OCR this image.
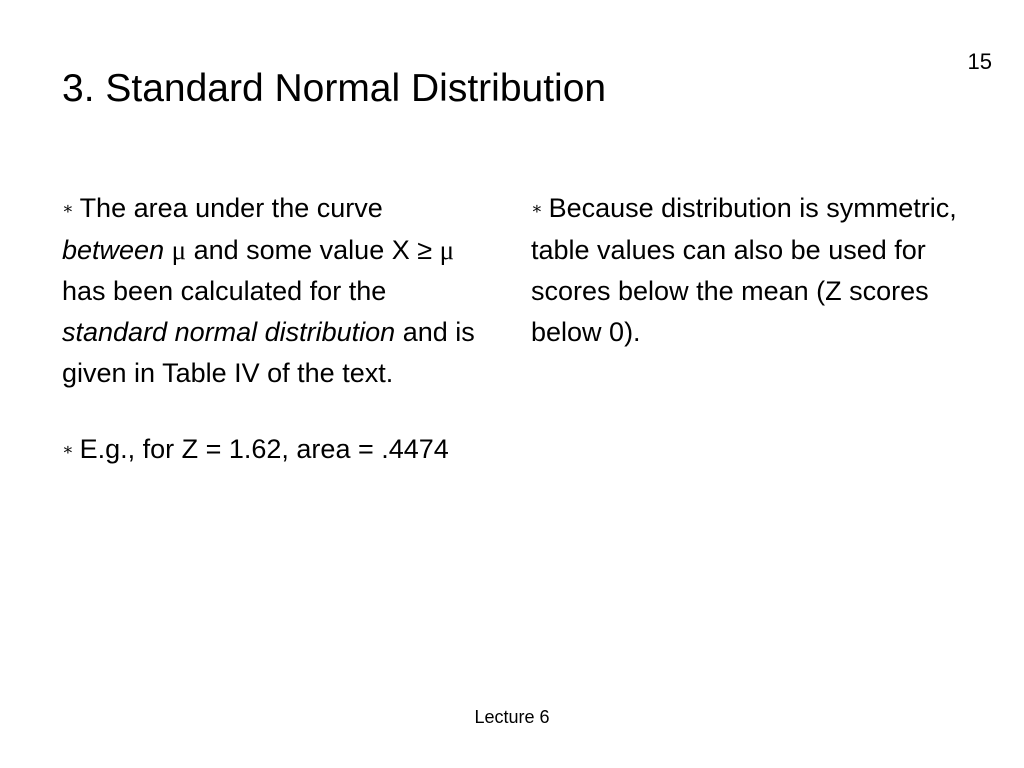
15
3. Standard Normal Distribution

∗ The area under the curve between μ and some value X ≥ μ has been calculated for the standard normal distribution and is given in Table IV of the text.

∗ E.g., for Z = 1.62, area = .4474

∗ Because distribution is symmetric, table values can also be used for scores below the mean (Z scores below 0).

Lecture 6
